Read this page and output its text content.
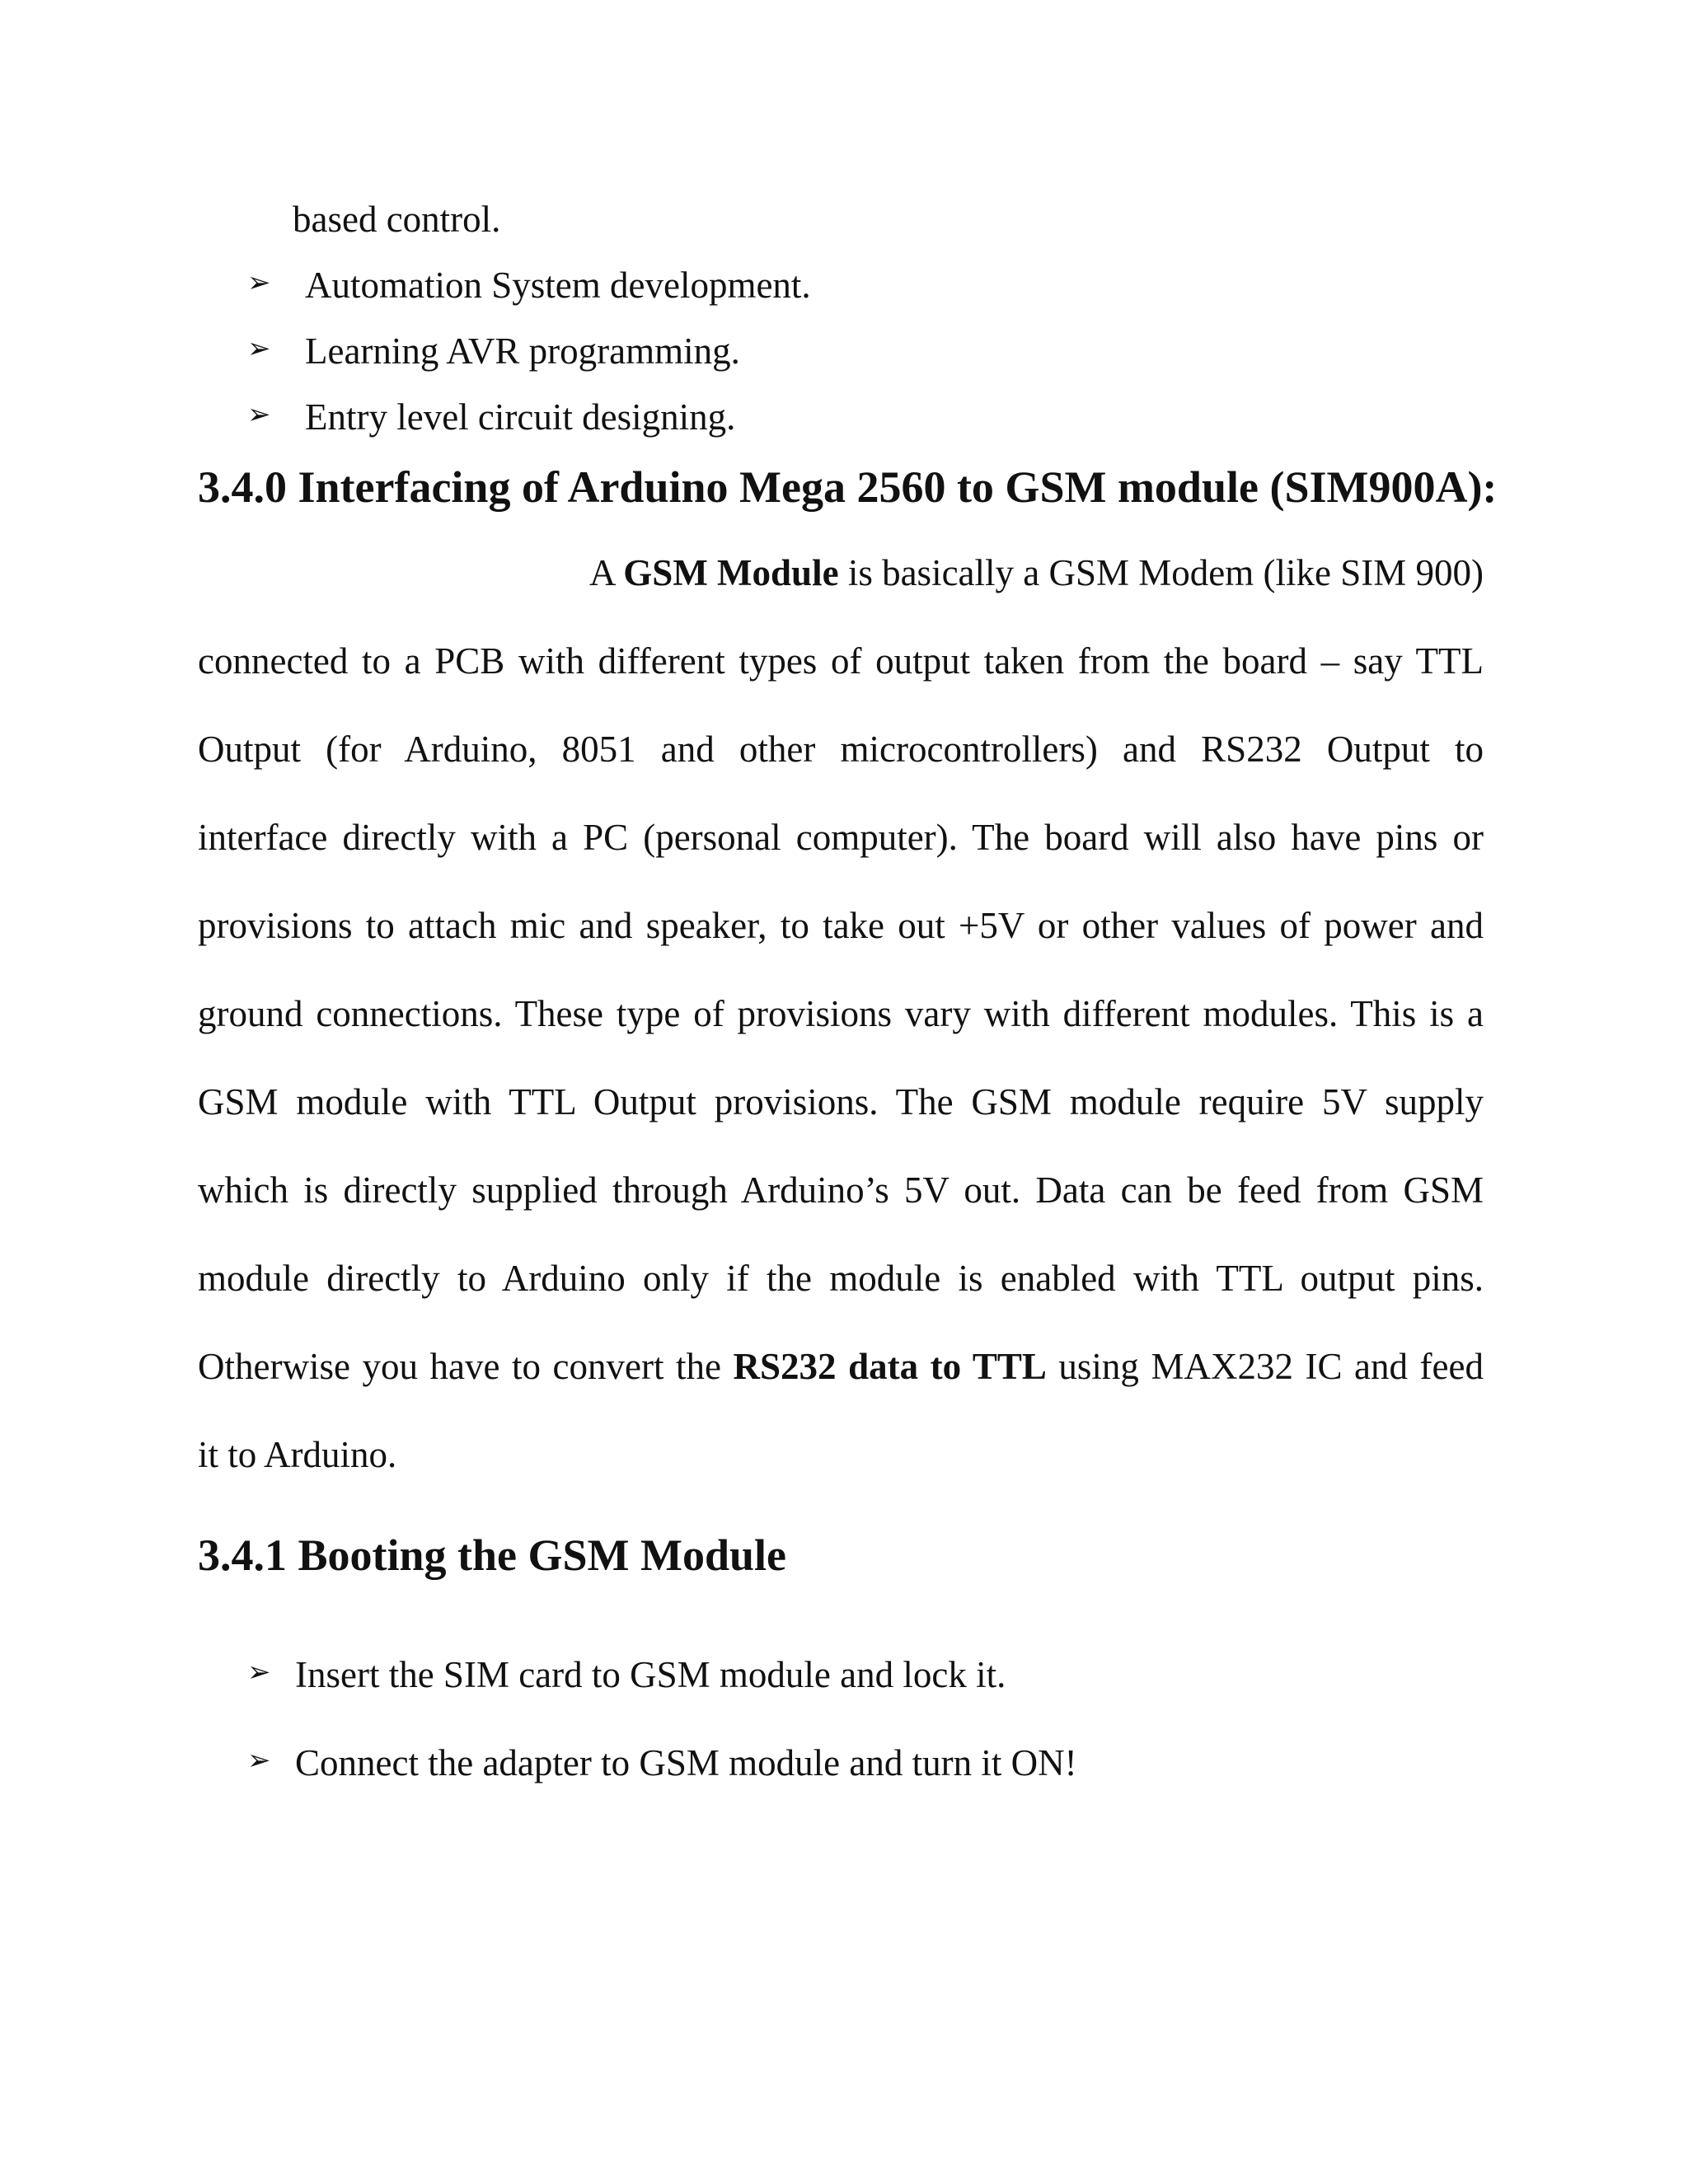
based control.
➢ Automation System development.
➢ Learning AVR programming.
➢ Entry level circuit designing.
3.4.0 Interfacing of Arduino Mega 2560 to GSM module (SIM900A):
A GSM Module is basically a GSM Modem (like SIM 900)
connected to a PCB with different types of output taken from the board – say TTL
Output (for Arduino, 8051 and other microcontrollers) and RS232 Output to
interface directly with a PC (personal computer). The board will also have pins or
provisions to attach mic and speaker, to take out +5V or other values of power and
ground connections. These type of provisions vary with different modules. This is a
GSM module with TTL Output provisions. The GSM module require 5V supply
which is directly supplied through Arduino’s 5V out. Data can be feed from GSM
module directly to Arduino only if the module is enabled with TTL output pins.
Otherwise you have to convert the RS232 data to TTL using MAX232 IC and feed
it to Arduino.
3.4.1 Booting the GSM Module
➢ Insert the SIM card to GSM module and lock it.
➢ Connect the adapter to GSM module and turn it ON!
